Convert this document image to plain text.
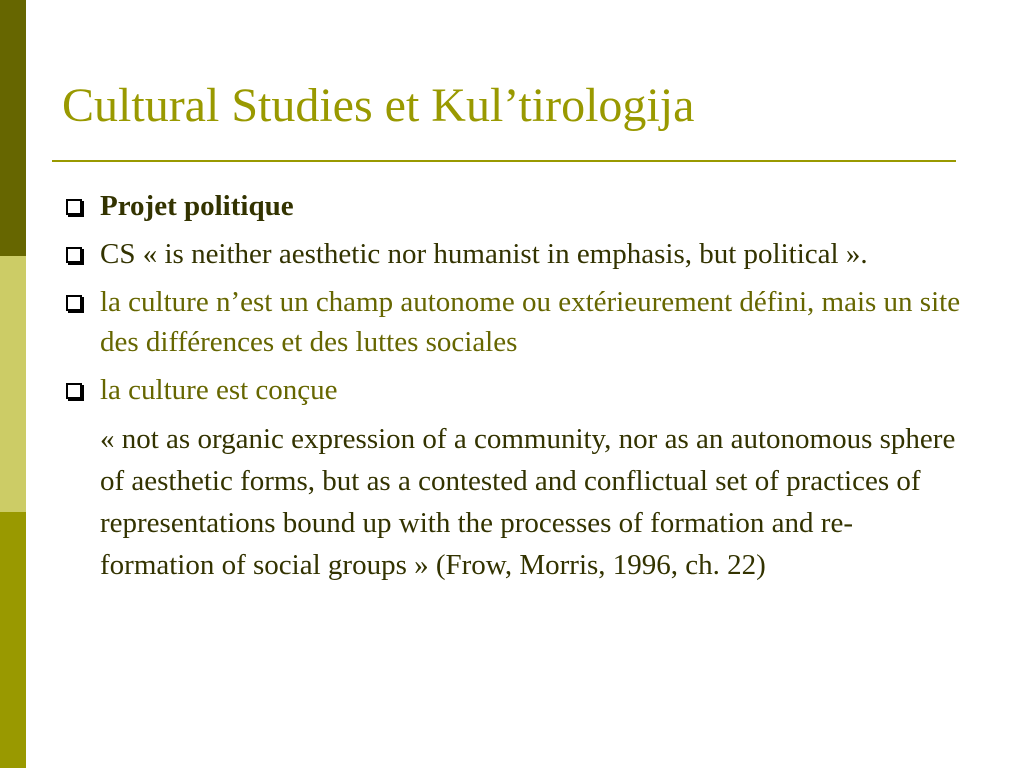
Cultural Studies et Kul’tirologija
Projet politique
CS « is neither aesthetic nor humanist in emphasis, but political ».
la culture n’est un champ autonome ou extérieurement défini, mais un site des différences et des luttes sociales
la culture est conçue
« not as organic expression of a community, nor as an autonomous sphere of aesthetic forms, but as a contested and conflictual set of practices of representations bound up with the processes of formation and re-formation of social groups » (Frow, Morris, 1996, ch. 22)
